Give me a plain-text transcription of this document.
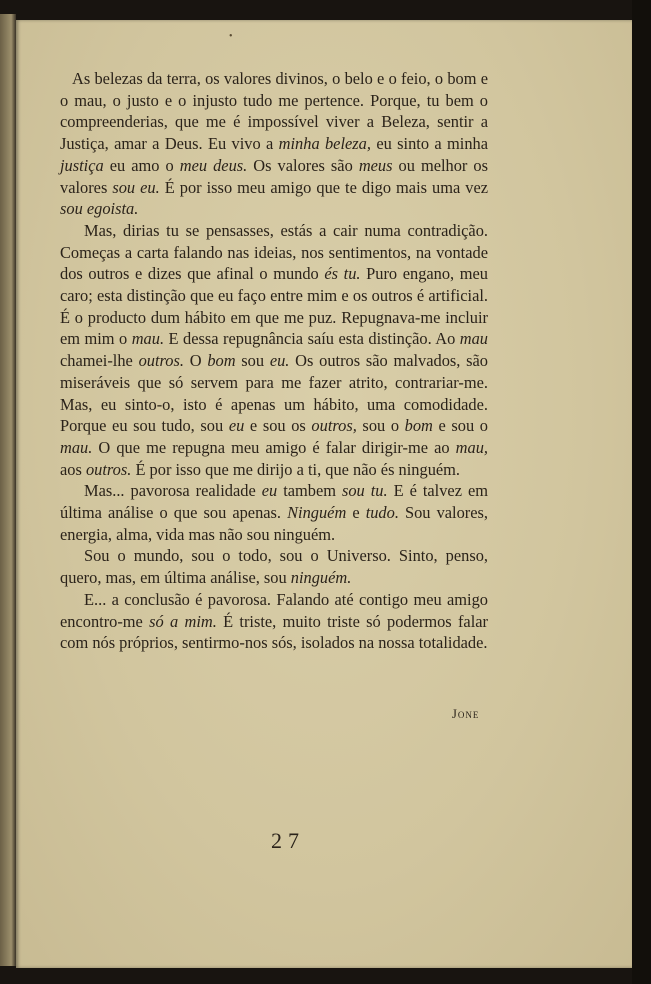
•

As belezas da terra, os valores divinos, o belo e o feio, o bom e o mau, o justo e o injusto tudo me pertence. Porque, tu bem o compreenderias, que me é impossível viver a Beleza, sentir a Justiça, amar a Deus. Eu vivo a minha beleza, eu sinto a minha justiça eu amo o meu deus. Os valores são meus ou melhor os valores sou eu. É por isso meu amigo que te digo mais uma vez sou egoista.

Mas, dirias tu se pensasses, estás a cair numa contradição. Começas a carta falando nas ideias, nos sentimentos, na vontade dos outros e dizes que afinal o mundo és tu. Puro engano, meu caro; esta distinção que eu faço entre mim e os outros é artificial. É o producto dum hábito em que me puz. Repugnava-me incluir em mim o mau. E dessa repugnância saíu esta distinção. Ao mau chamei-lhe outros. O bom sou eu. Os outros são malvados, são miseráveis que só servem para me fazer atrito, contrariar-me. Mas, eu sinto-o, isto é apenas um hábito, uma comodidade. Porque eu sou tudo, sou eu e sou os outros, sou o bom e sou o mau. O que me repugna meu amigo é falar dirigir-me ao mau, aos outros. É por isso que me dirijo a ti, que não és ninguém.

Mas... pavorosa realidade eu tambem sou tu. E é talvez em última análise o que sou apenas. Ninguém e tudo. Sou valores, energia, alma, vida mas não sou ninguém.

Sou o mundo, sou o todo, sou o Universo. Sinto, penso, quero, mas, em última análise, sou ninguém.

E... a conclusão é pavorosa. Falando até contigo meu amigo encontro-me só a mim. É triste, muito triste só podermos falar com nós próprios, sentirmo-nos sós, isolados na nossa totalidade.

Jone
27
